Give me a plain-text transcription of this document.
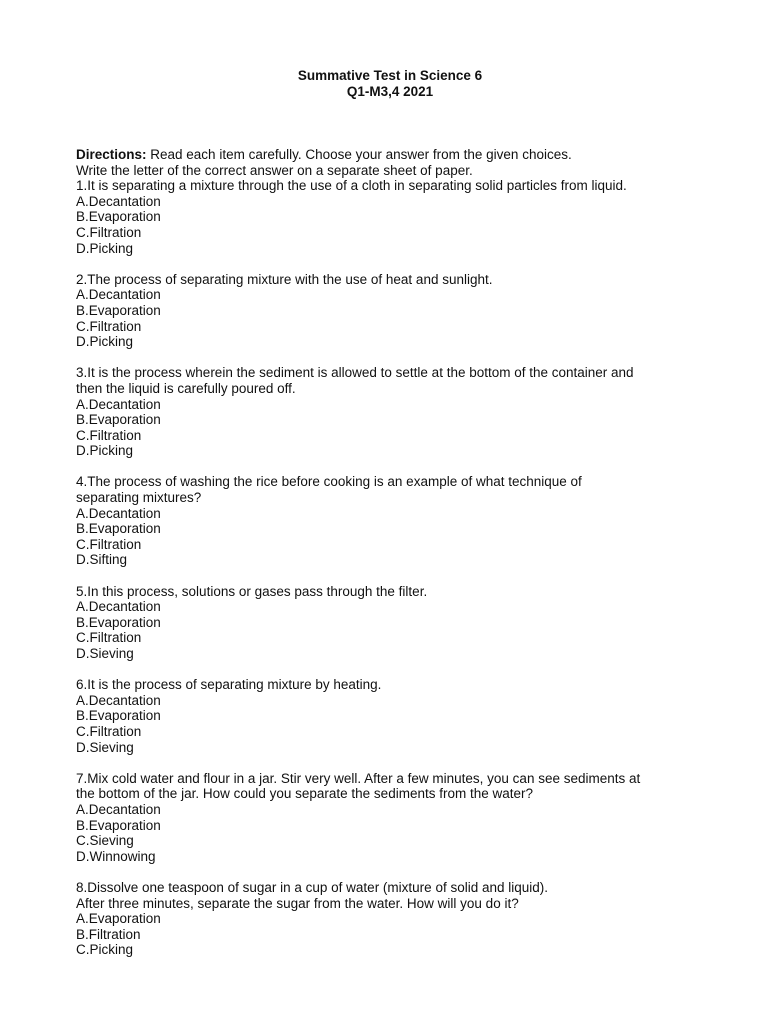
Summative Test in Science 6
Q1-M3,4 2021
Directions: Read each item carefully. Choose your answer from the given choices.
Write the letter of the correct answer on a separate sheet of paper.
1.It is separating a mixture through the use of a cloth in separating solid particles from liquid.
A.Decantation
B.Evaporation
C.Filtration
D.Picking
2.The process of separating mixture with the use of heat and sunlight.
A.Decantation
B.Evaporation
C.Filtration
D.Picking
3.It is the process wherein the sediment is allowed to settle at the bottom of the container and
then the liquid is carefully poured off.
A.Decantation
B.Evaporation
C.Filtration
D.Picking
4.The process of washing the rice before cooking is an example of what technique of
separating mixtures?
A.Decantation
B.Evaporation
C.Filtration
D.Sifting
5.In this process, solutions or gases pass through the filter.
A.Decantation
B.Evaporation
C.Filtration
D.Sieving
6.It is the process of separating mixture by heating.
A.Decantation
B.Evaporation
C.Filtration
D.Sieving
7.Mix cold water and flour in a jar. Stir very well. After a few minutes, you can see sediments at
the bottom of the jar. How could you separate the sediments from the water?
A.Decantation
B.Evaporation
C.Sieving
D.Winnowing
8.Dissolve one teaspoon of sugar in a cup of water (mixture of solid and liquid).
After three minutes, separate the sugar from the water. How will you do it?
A.Evaporation
B.Filtration
C.Picking
